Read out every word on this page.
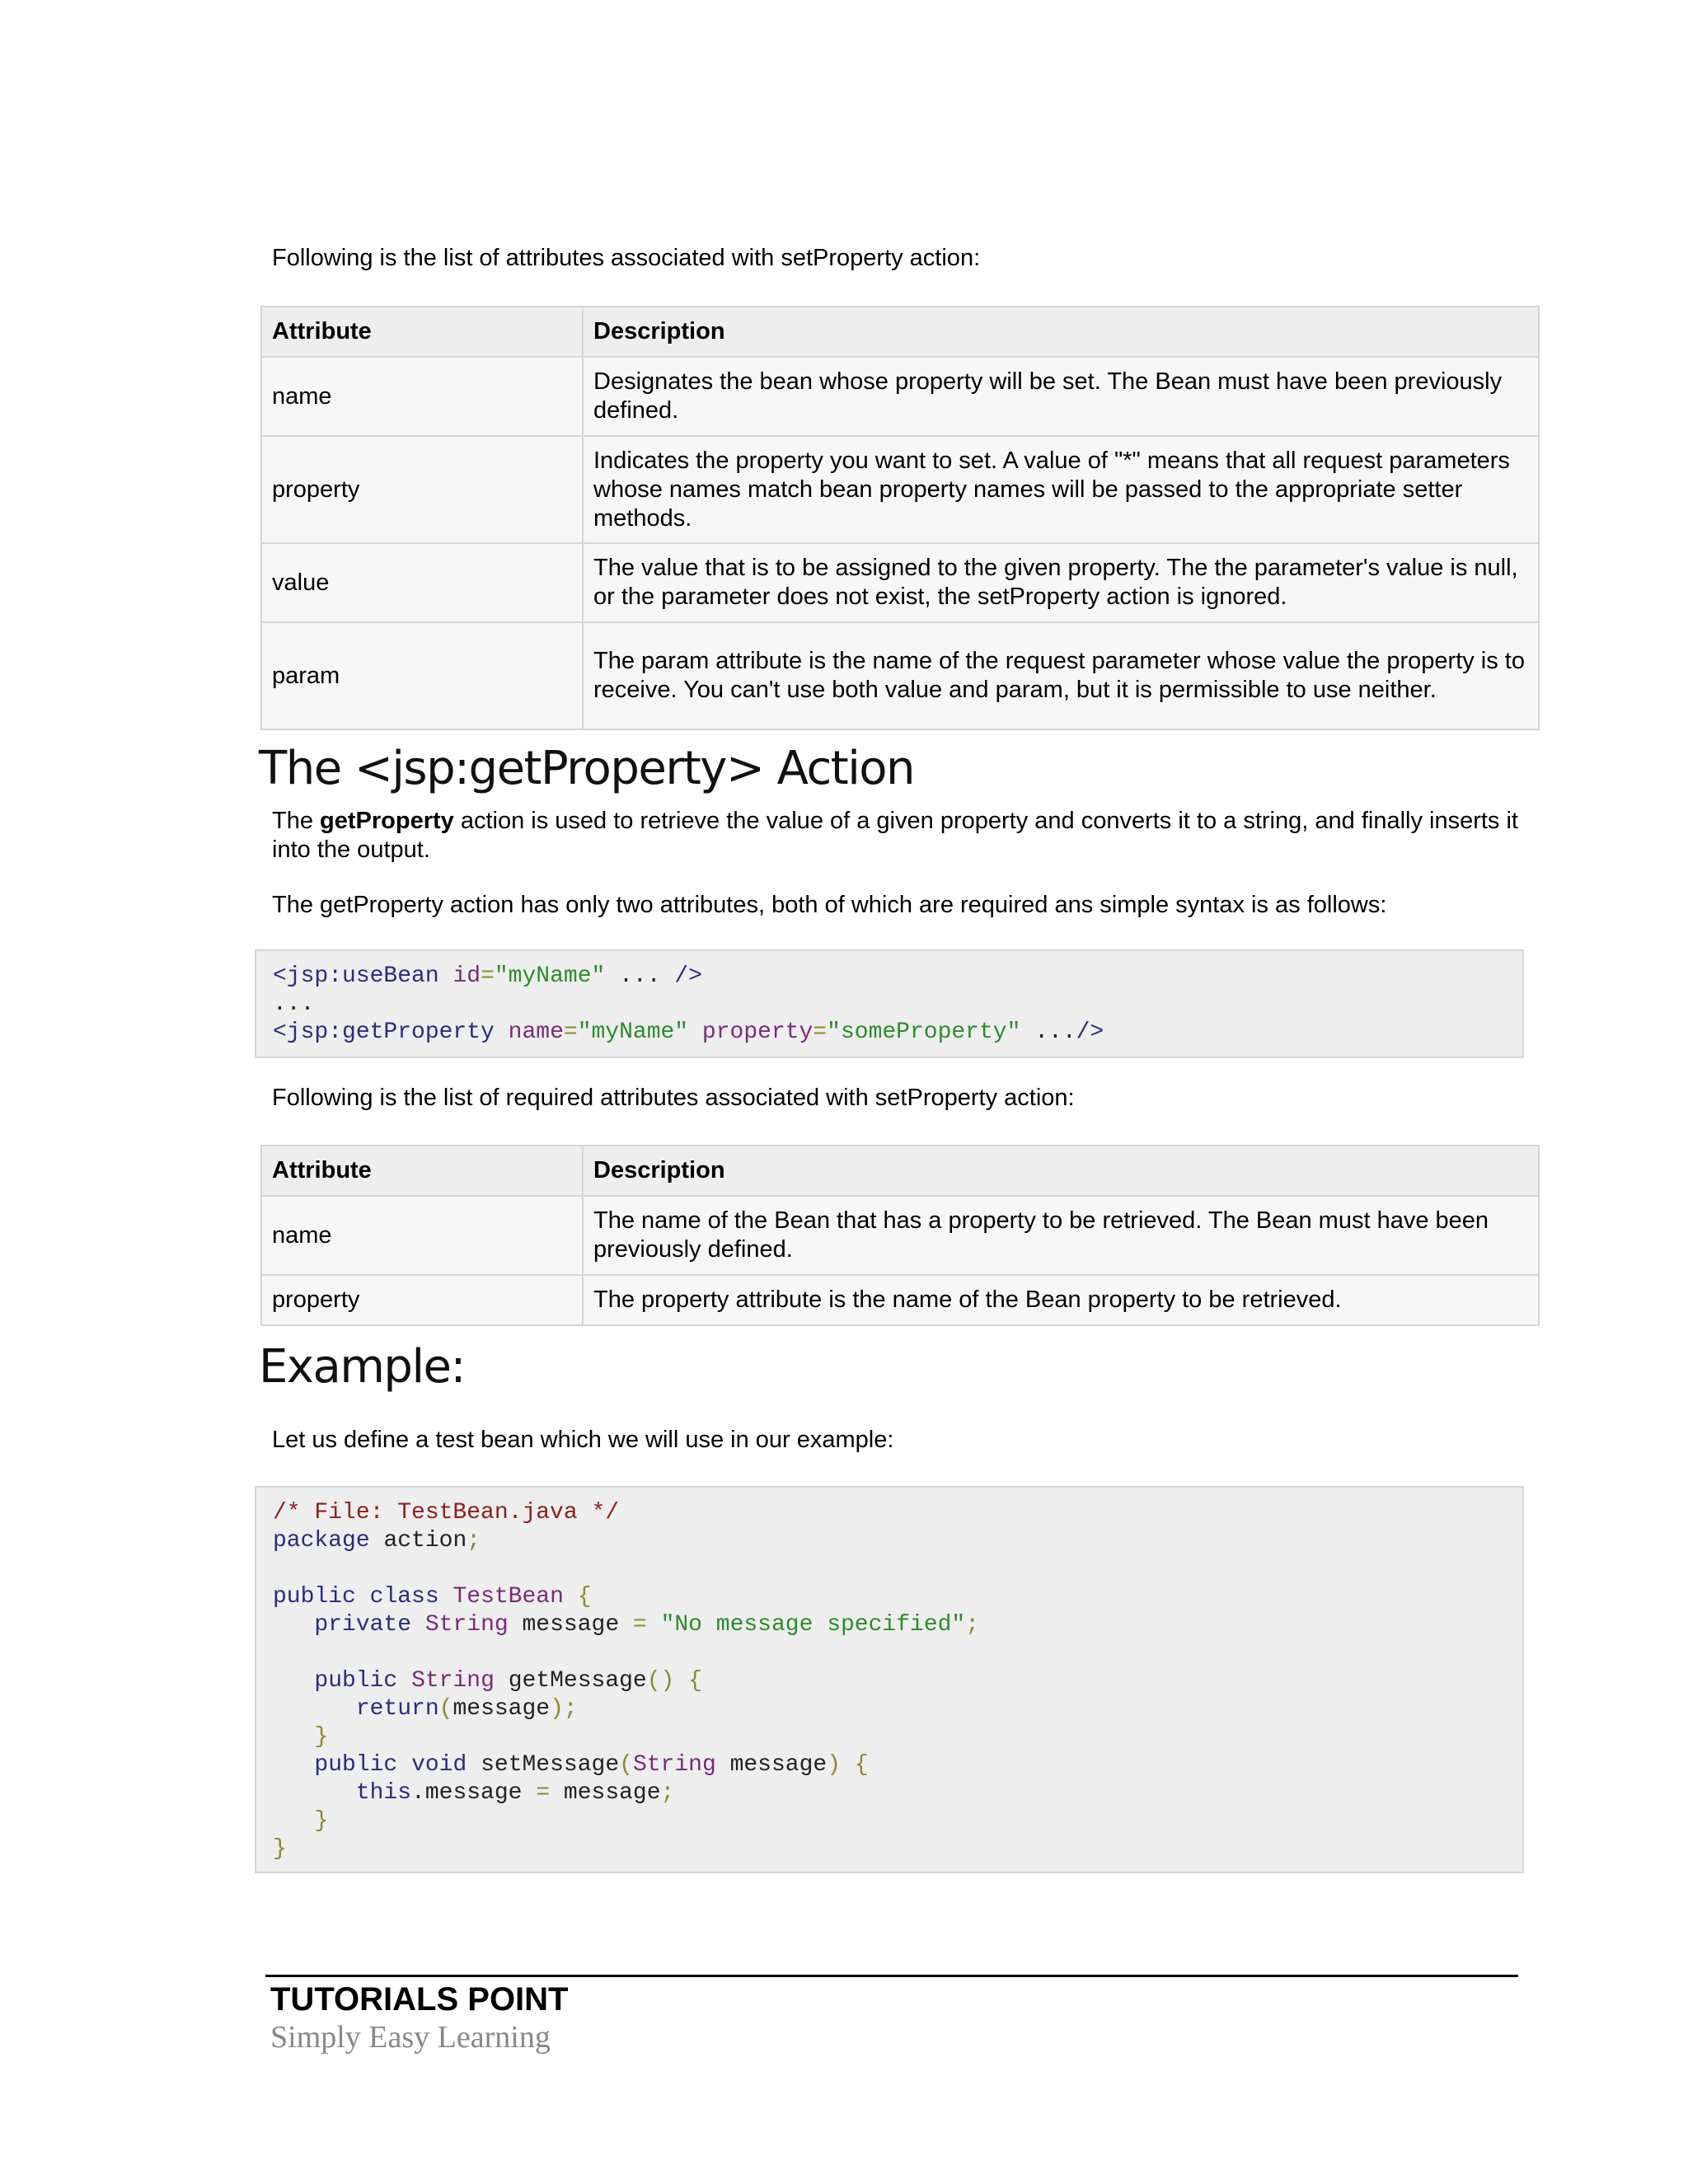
Following is the list of attributes associated with setProperty action:

Attribute	Description
name	Designates the bean whose property will be set. The Bean must have been previously defined.
property	Indicates the property you want to set. A value of "*" means that all request parameters whose names match bean property names will be passed to the appropriate setter methods.
value	The value that is to be assigned to the given property. The the parameter's value is null, or the parameter does not exist, the setProperty action is ignored.
param	The param attribute is the name of the request parameter whose value the property is to receive. You can't use both value and param, but it is permissible to use neither.
The <jsp:getProperty> Action

The getProperty action is used to retrieve the value of a given property and converts it to a string, and finally inserts it into the output.

The getProperty action has only two attributes, both of which are required ans simple syntax is as follows:

<jsp:useBean id="myName" ... />
...
<jsp:getProperty name="myName" property="someProperty" .../>

Following is the list of required attributes associated with setProperty action:

Attribute	Description
name	The name of the Bean that has a property to be retrieved. The Bean must have been previously defined.
property	The property attribute is the name of the Bean property to be retrieved.
Example:

Let us define a test bean which we will use in our example:

/* File: TestBean.java */
package action;

public class TestBean {
private String message = "No message specified";

public String getMessage() {
return(message);
}
public void setMessage(String message) {
this.message = message;
}
}
TUTORIALS POINT
Simply Easy Learning
